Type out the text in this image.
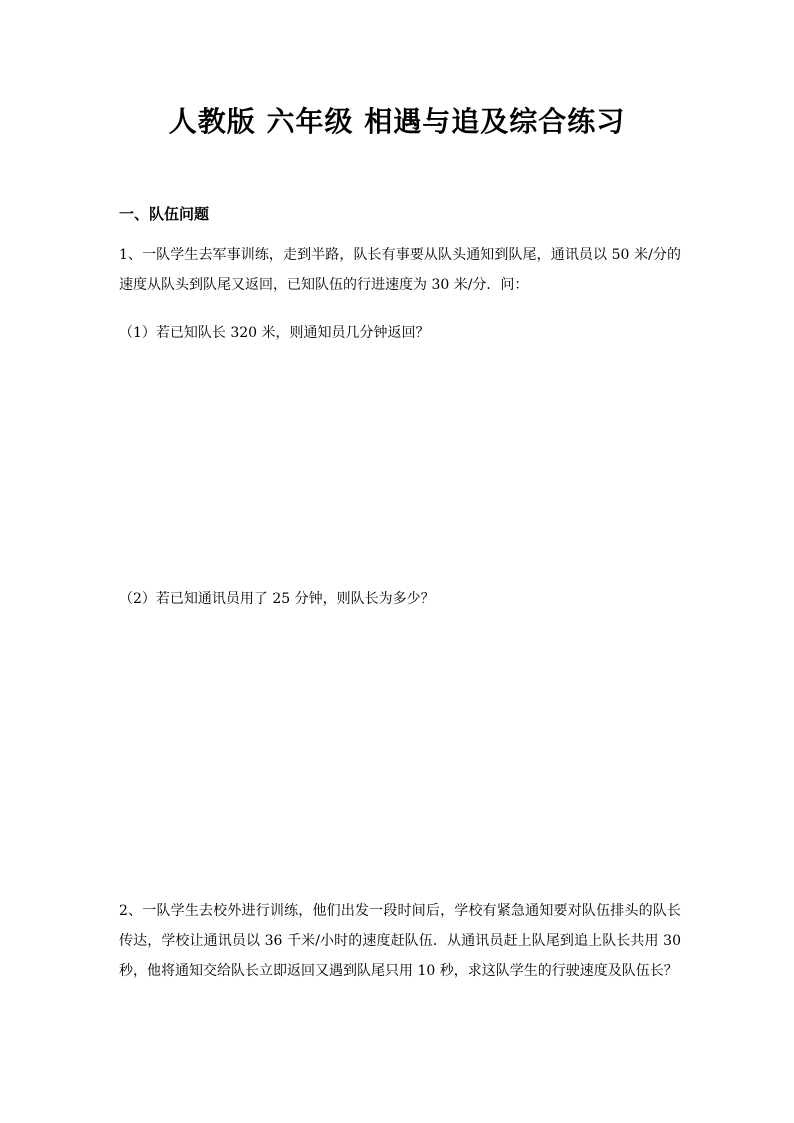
人教版 六年级 相遇与追及综合练习
一、队伍问题
1、一队学生去军事训练，走到半路，队长有事要从队头通知到队尾，通讯员以 50 米/分的速度从队头到队尾又返回，已知队伍的行进速度为 30 米/分．问：
（1）若已知队长 320 米，则通知员几分钟返回？
（2）若已知通讯员用了 25 分钟，则队长为多少？
2、一队学生去校外进行训练，他们出发一段时间后，学校有紧急通知要对队伍排头的队长传达，学校让通讯员以 36 千米/小时的速度赶队伍．从通讯员赶上队尾到追上队长共用 30 秒，他将通知交给队长立即返回又遇到队尾只用 10 秒，求这队学生的行驶速度及队伍长？
